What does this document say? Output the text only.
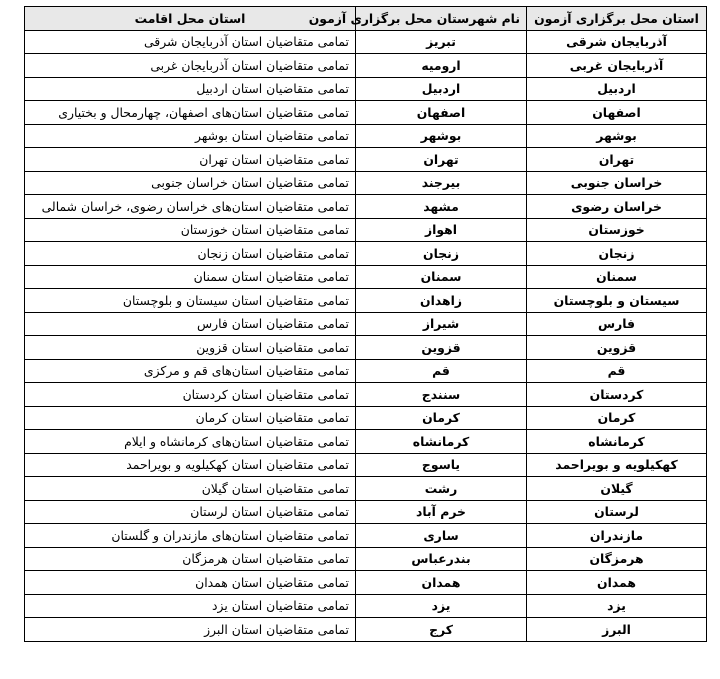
استان محل برگزاری آزمون	نام شهرستان محل برگزاری آزمون	استان محل اقامت
آذربایجان شرقی	تبریز	تمامی متقاضیان استان آذربایجان شرقی
آذربایجان غربی	ارومیه	تمامی متقاضیان استان آذربایجان غربی
اردبیل	اردبیل	تمامی متقاضیان استان اردبیل
اصفهان	اصفهان	تمامی متقاضیان استان‌های اصفهان، چهارمحال و بختیاری
بوشهر	بوشهر	تمامی متقاضیان استان بوشهر
تهران	تهران	تمامی متقاضیان استان تهران
خراسان جنوبی	بیرجند	تمامی متقاضیان استان خراسان جنوبی
خراسان رضوی	مشهد	تمامی متقاضیان استان‌های خراسان رضوی، خراسان شمالی
خوزستان	اهواز	تمامی متقاضیان استان خوزستان
زنجان	زنجان	تمامی متقاضیان استان زنجان
سمنان	سمنان	تمامی متقاضیان استان سمنان
سیستان و بلوچستان	زاهدان	تمامی متقاضیان استان سیستان و بلوچستان
فارس	شیراز	تمامی متقاضیان استان فارس
قزوین	قزوین	تمامی متقاضیان استان قزوین
قم	قم	تمامی متقاضیان استان‌های قم و مرکزی
کردستان	سنندج	تمامی متقاضیان استان کردستان
کرمان	کرمان	تمامی متقاضیان استان کرمان
کرمانشاه	کرمانشاه	تمامی متقاضیان استان‌های کرمانشاه و ایلام
کهکیلویه و بویراحمد	یاسوج	تمامی متقاضیان استان کهکیلویه و بویراحمد
گیلان	رشت	تمامی متقاضیان استان گیلان
لرستان	خرم آباد	تمامی متقاضیان استان لرستان
مازندران	ساری	تمامی متقاضیان استان‌های مازندران و گلستان
هرمزگان	بندرعباس	تمامی متقاضیان استان هرمزگان
همدان	همدان	تمامی متقاضیان استان همدان
یزد	یزد	تمامی متقاضیان استان یزد
البرز	کرج	تمامی متقاضیان استان البرز
